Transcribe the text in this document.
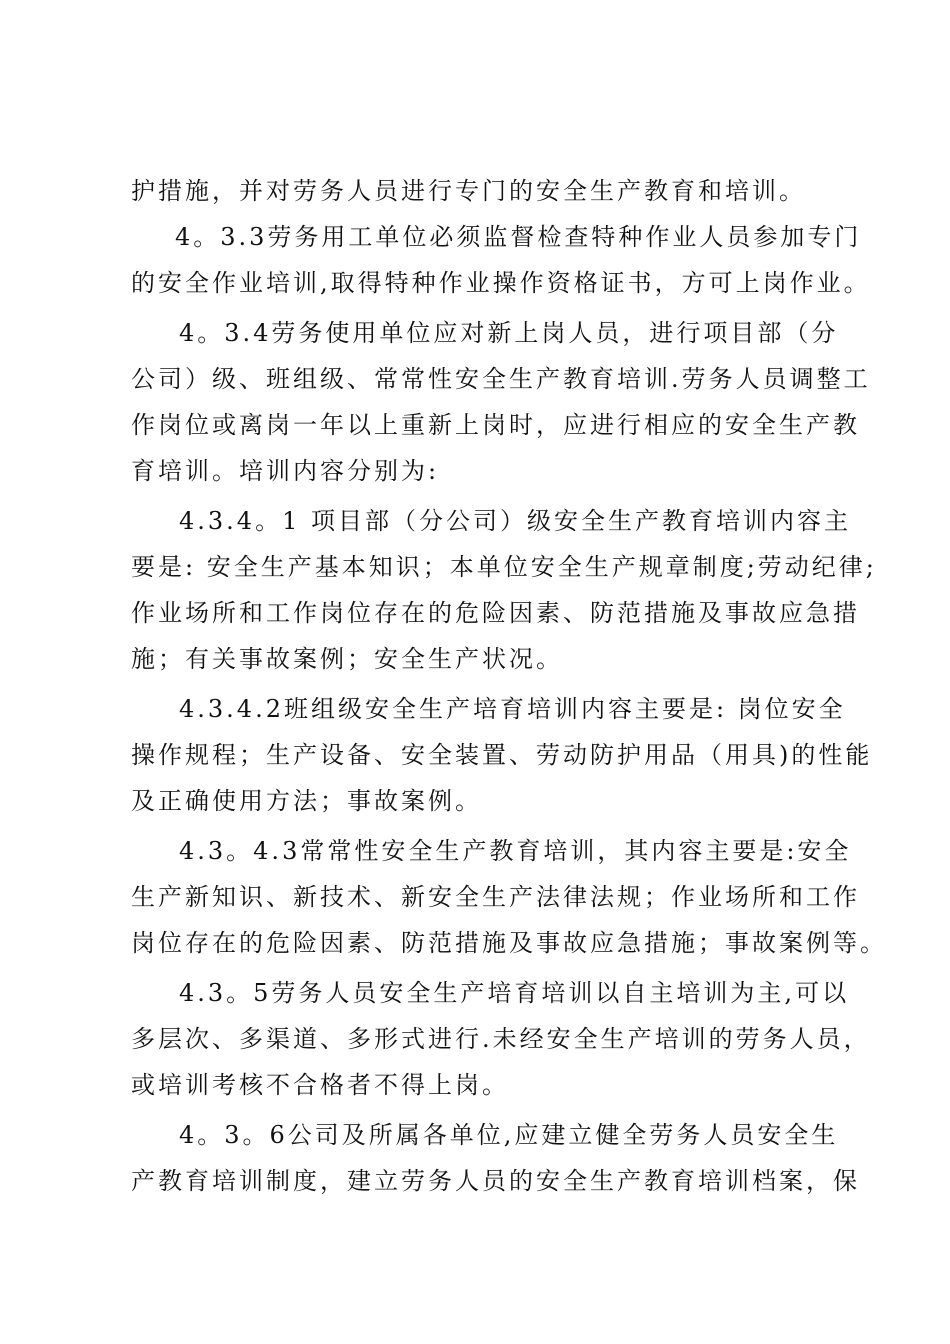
护措施，并对劳务人员进行专门的安全生产教育和培训。
4。3.3劳务用工单位必须监督检查特种作业人员参加专门
的安全作业培训,取得特种作业操作资格证书，方可上岗作业。
4。3.4劳务使用单位应对新上岗人员，进行项目部（分
公司）级、班组级、常常性安全生产教育培训.劳务人员调整工
作岗位或离岗一年以上重新上岗时，应进行相应的安全生产教
育培训。培训内容分别为:
4.3.4。1 项目部（分公司）级安全生产教育培训内容主
要是: 安全生产基本知识；本单位安全生产规章制度;劳动纪律;
作业场所和工作岗位存在的危险因素、防范措施及事故应急措
施；有关事故案例；安全生产状况。
4.3.4.2班组级安全生产培育培训内容主要是: 岗位安全
操作规程；生产设备、安全装置、劳动防护用品（用具)的性能
及正确使用方法；事故案例。
4.3。4.3常常性安全生产教育培训，其内容主要是:安全
生产新知识、新技术、新安全生产法律法规；作业场所和工作
岗位存在的危险因素、防范措施及事故应急措施；事故案例等。
4.3。5劳务人员安全生产培育培训以自主培训为主,可以
多层次、多渠道、多形式进行.未经安全生产培训的劳务人员，
或培训考核不合格者不得上岗。
4。3。6公司及所属各单位,应建立健全劳务人员安全生
产教育培训制度，建立劳务人员的安全生产教育培训档案，保
